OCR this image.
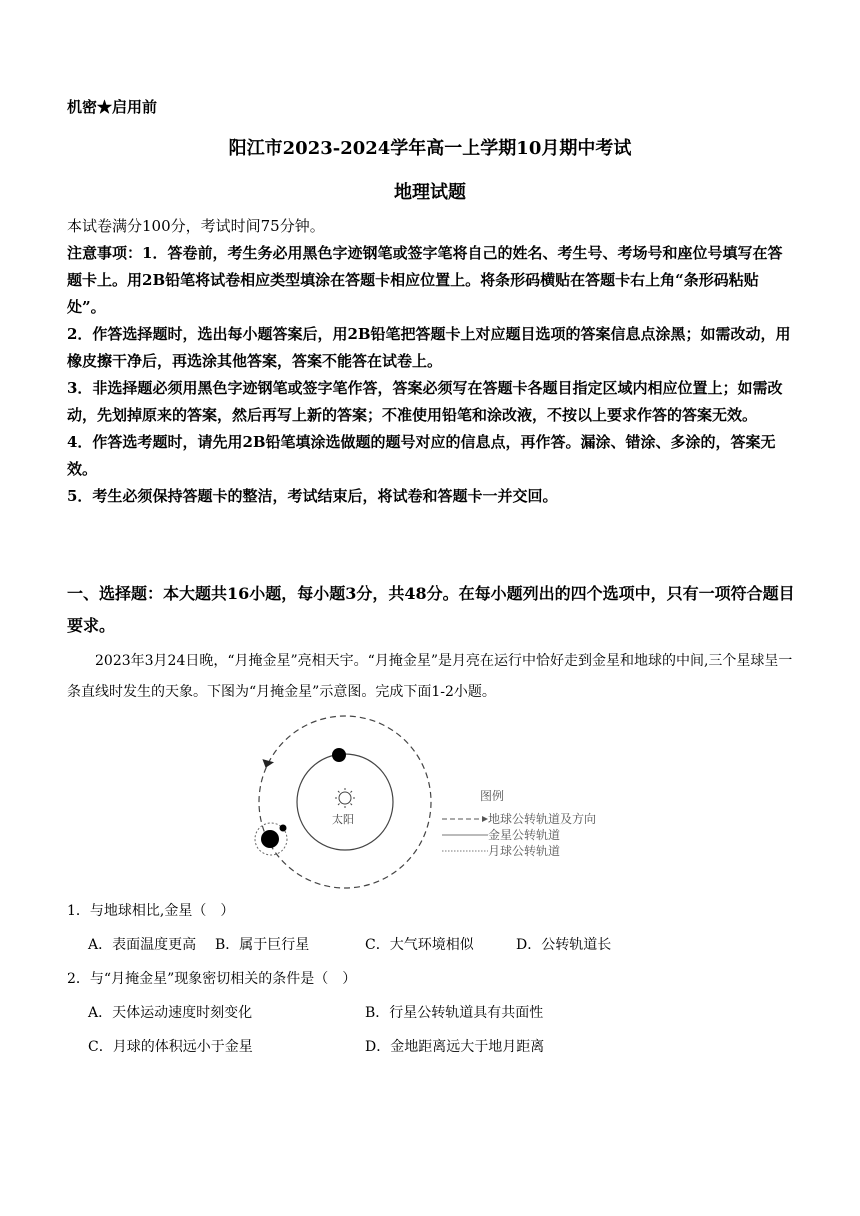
机密★启用前
阳江市2023-2024学年高一上学期10月期中考试
地理试题

本试卷满分100分，考试时间75分钟。

注意事项：1．答卷前，考生务必用黑色字迹钢笔或签字笔将自己的姓名、考生号、考场号和座位号填写在答题卡上。用2B铅笔将试卷相应类型填涂在答题卡相应位置上。将条形码横贴在答题卡右上角“条形码粘贴处”。

2．作答选择题时，选出每小题答案后，用2B铅笔把答题卡上对应题目选项的答案信息点涂黑；如需改动，用橡皮擦干净后，再选涂其他答案，答案不能答在试卷上。

3．非选择题必须用黑色字迹钢笔或签字笔作答，答案必须写在答题卡各题目指定区域内相应位置上；如需改动，先划掉原来的答案，然后再写上新的答案；不准使用铅笔和涂改液，不按以上要求作答的答案无效。

4．作答选考题时，请先用2B铅笔填涂选做题的题号对应的信息点，再作答。漏涂、错涂、多涂的，答案无效。

5．考生必须保持答题卡的整洁，考试结束后，将试卷和答题卡一并交回。

一、选择题：本大题共16小题，每小题3分，共48分。在每小题列出的四个选项中，只有一项符合题目要求。
2023年3月24日晚，“月掩金星”亮相天宇。“月掩金星”是月亮在运行中恰好走到金星和地球的中间,三个星球呈一条直线时发生的天象。下图为“月掩金星”示意图。完成下面1-2小题。
太阳
图例
地球公转轨道及方向
金星公转轨道
月球公转轨道
1．与地球相比,金星（　）
A．表面温度更高 B．属于巨行星	C．大气环境相似	D．公转轨道长
2．与“月掩金星”现象密切相关的条件是（　）
A．天体运动速度时刻变化	B．行星公转轨道具有共面性
C．月球的体积远小于金星	D．金地距离远大于地月距离
